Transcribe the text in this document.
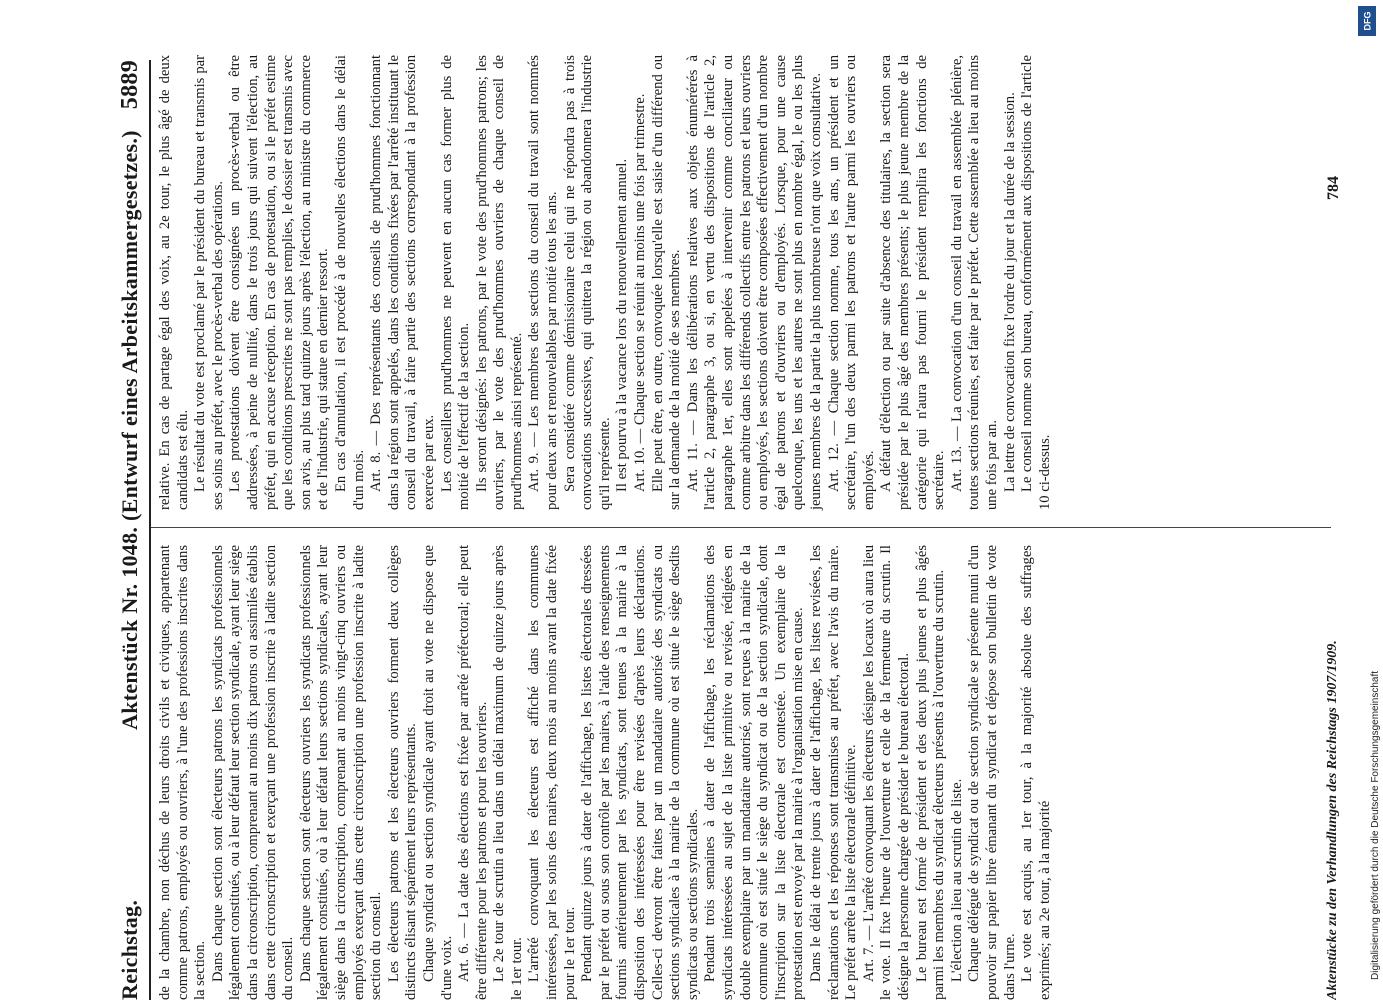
Reichstag.
Aktenstück Nr. 1048. (Entwurf eines Arbeitskammergesetzes.)
5889

de la chambre, non déchus de leurs droits civils et civiques, appartenant comme patrons, employés ou ouvriers, à l'une des professions inscrites dans la section. Dans chaque section sont électeurs patrons les syndicats professionnels légalement constitués, ou à leur défaut leur section syndicale, ayant leur siège dans la circonscription, comprenant au moins dix patrons ou assimilés établis dans cette circonscription et exerçant une profession inscrite à ladite section du conseil. Dans chaque section sont électeurs ouvriers les syndicats professionnels légalement constitués, où à leur défaut leurs sections syndicales, ayant leur siège dans la circonscription, comprenant au moins vingt-cinq ouvriers ou employés exerçant dans cette circonscription une profession inscrite à ladite section du conseil. Les électeurs patrons et les électeurs ouvriers forment deux collèges distincts élisant séparément leurs représentants. Chaque syndicat ou section syndicale ayant droit au vote ne dispose que d'une voix. Art. 6. — La date des élections est fixée par arrêté préfectoral; elle peut être différente pour les patrons et pour les ouvriers. Le 2e tour de scrutin a lieu dans un délai maximum de quinze jours après le 1er tour. L'arrêté convoquant les électeurs est affiché dans les communes intéressées, par les soins des maires, deux mois au moins avant la date fixée pour le 1er tour. Pendant quinze jours à dater de l'affichage, les listes électorales dressées par le préfet ou sous son contrôle par les maires, à l'aide des renseignements fournis antérieurement par les syndicats, sont tenues à la mairie à la disposition des intéressées pour être revisées d'après leurs déclarations. Celles-ci devront être faites par un mandataire autorisé des syndicats ou sections syndicales à la mairie de la commune où est situé le siège desdits syndicats ou sections syndicales. Pendant trois semaines à dater de l'affichage, les réclamations des syndicats intéressées au sujet de la liste primitive ou revisée, rédigées en double exemplaire par un mandataire autorisé, sont reçues à la mairie de la commune où est situé le siège du syndicat ou de la section syndicale, dont l'inscription sur la liste électorale est contestée. Un exemplaire de la protestation est envoyé par la mairie à l'organisation mise en cause. Dans le délai de trente jours à dater de l'affichage, les listes revisées, les réclamations et les réponses sont transmises au préfet, avec l'avis du maire. Le préfet arrête la liste électorale définitive. Art. 7. — L'arrêté convoquant les électeurs désigne les locaux où aura lieu le vote. Il fixe l'heure de l'ouverture et celle de la fermeture du scrutin. Il désigne la personne chargée de présider le bureau électoral. Le bureau est formé de président et des deux plus jeunes et plus âgés parmi les membres du syndicat électeurs présents à l'ouverture du scrutin. L'élection a lieu au scrutin de liste. Chaque délégué de syndicat ou de section syndicale se présente muni d'un pouvoir sur papier libre émanant du syndicat et dépose son bulletin de vote dans l'urne. Le vote est acquis, au 1er tour, à la majorité absolue des suffrages exprimés; au 2e tour, à la majorité

relative. En cas de partage égal des voix, au 2e tour, le plus âgé de deux candidats est élu. Le résultat du vote est proclamé par le président du bureau et transmis par ses soins au préfet, avec le procès-verbal des opérations. Les protestations doivent être consignées un procès-verbal ou être addressées, à peine de nullité, dans le trois jours qui suivent l'élection, au préfet, qui en accuse réception. En cas de protestation, ou si le préfet estime que les conditions prescrites ne sont pas remplies, le dossier est transmis avec son avis, au plus tard quinze jours après l'élection, au ministre du commerce et de l'industrie, qui statue en dernier ressort. En cas d'annulation, il est procédé à de nouvelles élections dans le délai d'un mois. Art. 8. — Des représentants des conseils de prud'hommes fonctionnant dans la région sont appelés, dans les conditions fixées par l'arrêté instituant le conseil du travail, à faire partie des sections correspondant à la profession exercée par eux. Les conseillers prud'hommes ne peuvent en aucun cas former plus de moitié de l'effectif de la section. Ils seront désignés: les patrons, par le vote des prud'hommes patrons; les ouvriers, par le vote des prud'hommes ouvriers de chaque conseil de prud'hommes ainsi représenté. Art. 9. — Les membres des sections du conseil du travail sont nommés pour deux ans et renouvelables par moitié tous les ans. Sera considéré comme démissionaire celui qui ne répondra pas à trois convocations successives, qui quittera la région ou abandonnera l'industrie qu'il représente. Il est pourvu à la vacance lors du renouvellement annuel. Art. 10. — Chaque section se réunit au moins une fois par trimestre. Elle peut être, en outre, convoquée lorsqu'elle est saisie d'un différend ou sur la demande de la moitié de ses membres. Art. 11. — Dans les délibérations relatives aux objets énumérérés à l'article 2, paragraphe 3, ou si, en vertu des dispositions de l'article 2, paragraphe 1er, elles sont appelées à intervenir comme conciliateur ou comme arbitre dans les différends collectifs entre les patrons et leurs ouvriers ou employés, les sections doivent être composées effectivement d'un nombre égal de patrons et d'ouvriers ou d'employés. Lorsque, pour une cause quelconque, les uns et les autres ne sont plus en nombre égal, le ou les plus jeunes membres de la partie la plus nombreuse n'ont que voix consultative. Art. 12. — Chaque section nomme, tous les ans, un président et un secrétaire, l'un des deux parmi les patrons et l'autre parmi les ouvriers ou employés. A défaut d'élection ou par suite d'absence des titulaires, la section sera présidée par le plus âgé des membres présents; le plus jeune membre de la catégorie qui n'aura pas fourni le président remplira les fonctions de secrétaire. Art. 13. — La convocation d'un conseil du travail en assemblée plénière, toutes sections réunies, est faite par le préfet. Cette assemblée a lieu au moins une fois par an. La lettre de convocation fixe l'ordre du jour et la durée de la session. Le conseil nomme son bureau, conformément aux dispositions de l'article 10 ci-dessus.

Aktenstücke zu den Verhandlungen des Reichstags 1907/1909.
784
DFG
Digitalisierung gefördert durch die Deutsche Forschungsgemeinschaft
